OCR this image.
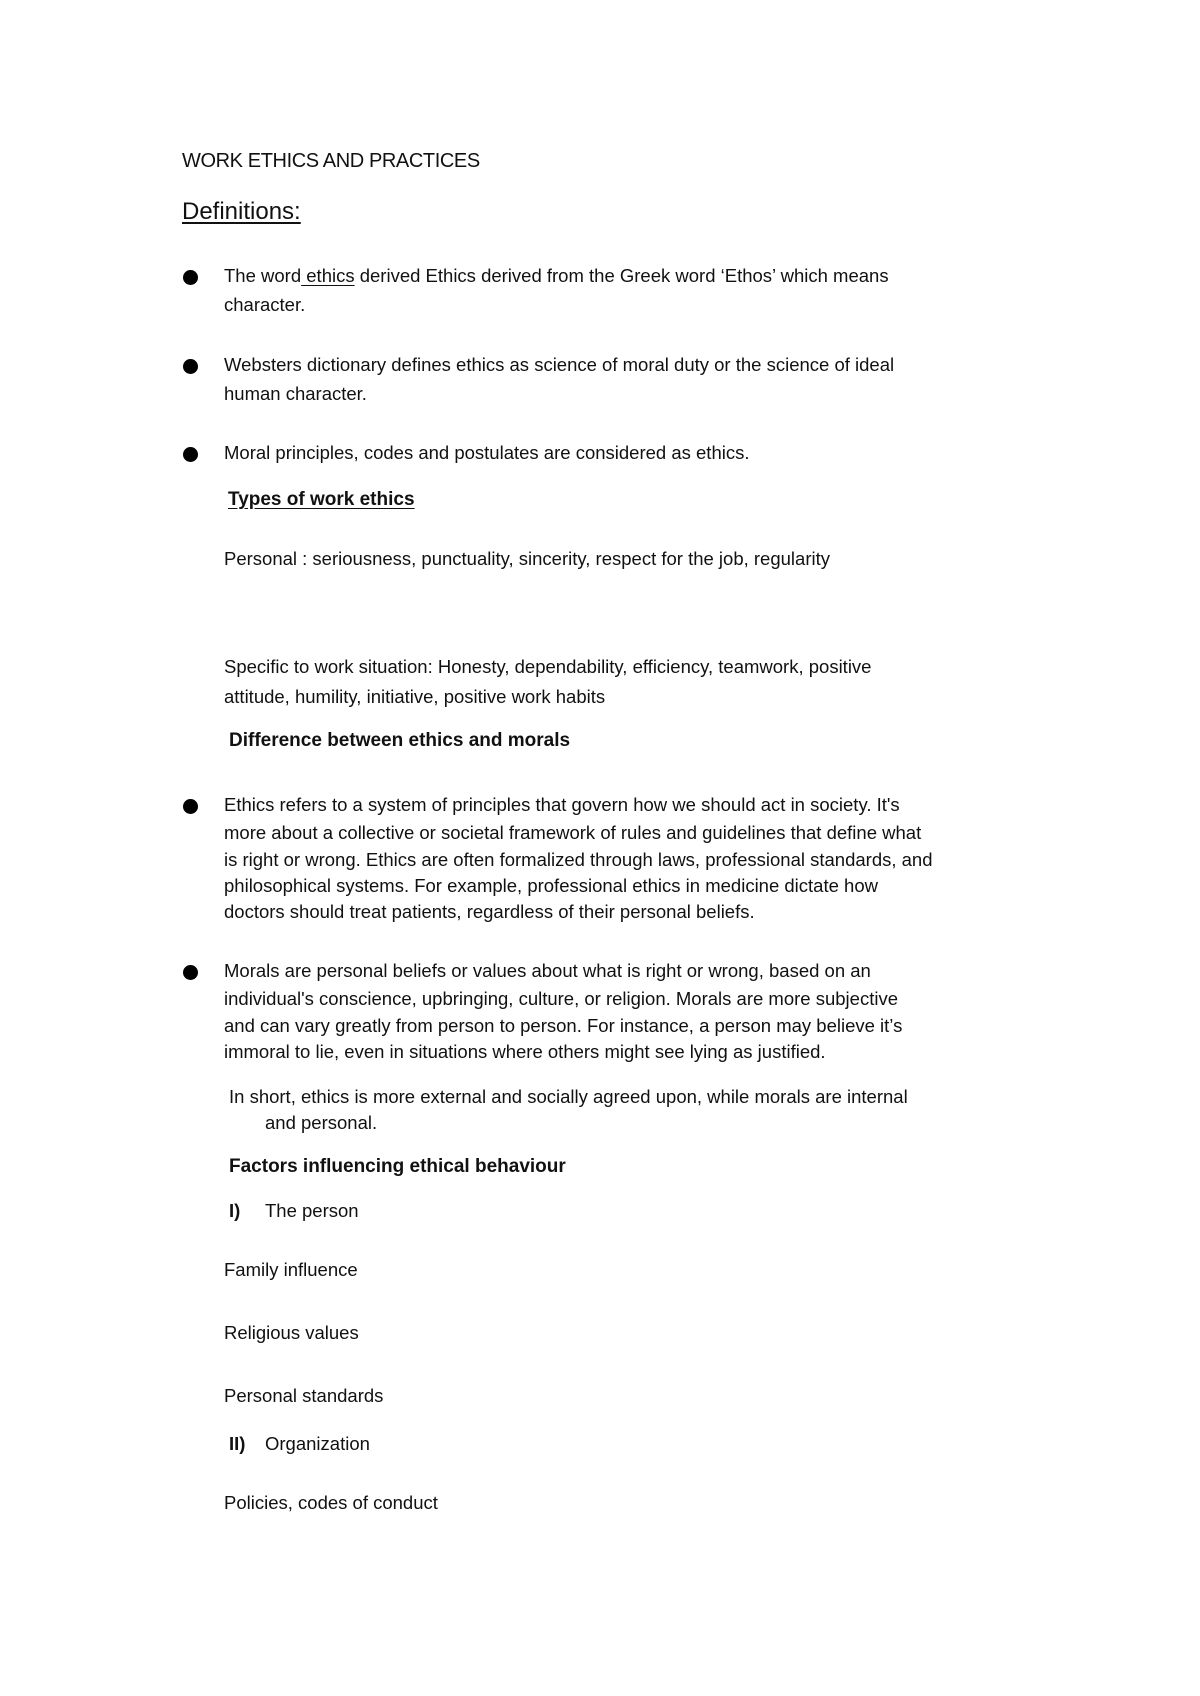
WORK ETHICS AND PRACTICES
Definitions:
The word ethics derived Ethics derived from the Greek word ‘Ethos’ which means
character.
Websters dictionary defines ethics as science of moral duty or the science of ideal
human character.
Moral principles, codes and postulates are considered as ethics.
Types of work ethics
Personal : seriousness, punctuality, sincerity, respect for the job, regularity
Specific to work situation: Honesty, dependability, efficiency, teamwork, positive
attitude, humility, initiative, positive work habits
Difference between ethics and morals
Ethics refers to a system of principles that govern how we should act in society. It's
more about a collective or societal framework of rules and guidelines that define what
is right or wrong. Ethics are often formalized through laws, professional standards, and
philosophical systems. For example, professional ethics in medicine dictate how
doctors should treat patients, regardless of their personal beliefs.
Morals are personal beliefs or values about what is right or wrong, based on an
individual's conscience, upbringing, culture, or religion. Morals are more subjective
and can vary greatly from person to person. For instance, a person may believe it’s
immoral to lie, even in situations where others might see lying as justified.
In short, ethics is more external and socially agreed upon, while morals are internal
and personal.
Factors influencing ethical behaviour
I) The person
Family influence
Religious values
Personal standards
II) Organization
Policies, codes of conduct
